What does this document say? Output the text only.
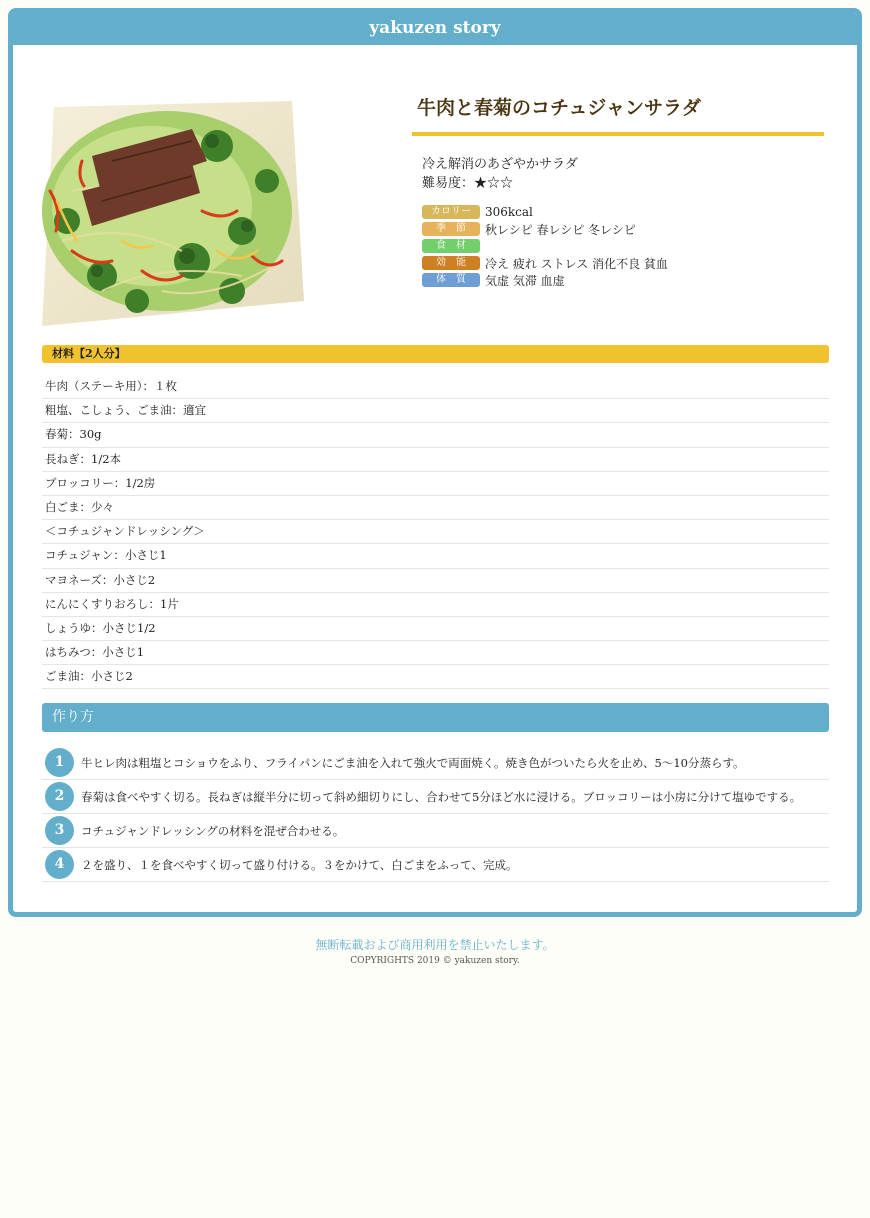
yakuzen story
牛肉と春菊のコチュジャンサラダ
冷え解消のあざやかサラダ
難易度：★☆☆
カロリー	306kcal
季　節	秋レシピ 春レシピ 冬レシピ
食　材
効　能	冷え 疲れ ストレス 消化不良 貧血
体　質	気虚 気滞 血虚
材料【2人分】
牛肉（ステーキ用）：１枚
粗塩、こしょう、ごま油：適宜
春菊：30g
長ねぎ：1/2本
ブロッコリー：1/2房
白ごま：少々
＜コチュジャンドレッシング＞
コチュジャン：小さじ1
マヨネーズ：小さじ2
にんにくすりおろし：1片
しょうゆ：小さじ1/2
はちみつ：小さじ1
ごま油：小さじ2
作り方
1	牛ヒレ肉は粗塩とコショウをふり、フライパンにごま油を入れて強火で両面焼く。焼き色がついたら火を止め、5〜10分蒸らす。
2	春菊は食べやすく切る。長ねぎは縦半分に切って斜め細切りにし、合わせて5分ほど水に浸ける。ブロッコリーは小房に分けて塩ゆでする。
3	コチュジャンドレッシングの材料を混ぜ合わせる。
4	２を盛り、１を食べやすく切って盛り付ける。３をかけて、白ごまをふって、完成。
無断転載および商用利用を禁止いたします。
COPYRIGHTS 2019 © yakuzen story.
